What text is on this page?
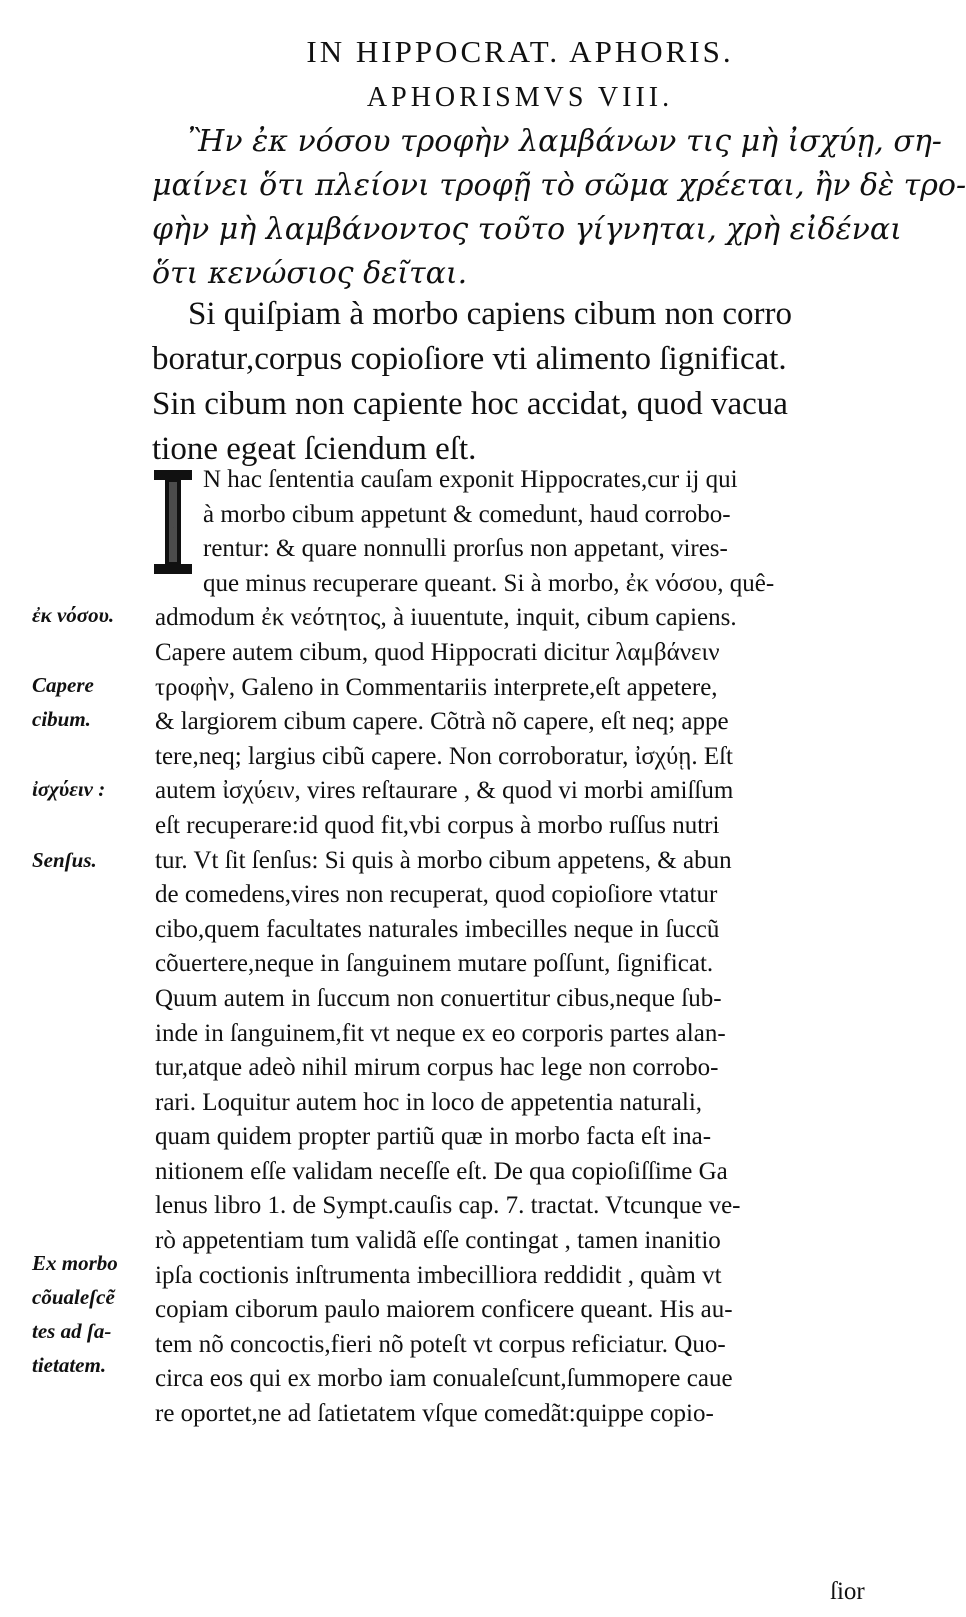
IN HIPPOCRAT. APHORIS.
APHORISMVS VIII.
Ἢν ἐκ νόσου τροφὴν λαμβάνων τις μὴ ἰσχύῃ, ση-
μαίνει ὅτι πλείονι τροφῇ τὸ σῶμα χρέεται, ἢν δὲ τρο-
φὴν μὴ λαμβάνοντος τοῦτο γίγνηται, χρὴ εἰδέναι
ὅτι κενώσιος δεῖται.
Si quiſpiam à morbo capiens cibum non corro
boratur,corpus copioſiore vti alimento ſignificat.
Sin cibum non capiente hoc accidat, quod vacua
tione egeat ſciendum eſt.
I
N hac ſententia cauſam exponit Hippocrates,cur ij qui
à morbo cibum appetunt & comedunt, haud corrobo-
rentur: & quare nonnulli prorſus non appetant, vires-
que minus recuperare queant. Si à morbo, ἐκ νόσου, quê-
admodum ἐκ νεότητος, à iuuentute, inquit, cibum capiens.
Capere autem cibum, quod Hippocrati dicitur λαμβάνειν
τροφὴν, Galeno in Commentariis interprete,eſt appetere,
& largiorem cibum capere. Cõtrà nõ capere, eſt neq; appe
tere,neq; largius cibũ capere. Non corroboratur, ἰσχύῃ. Eſt
autem ἰσχύειν, vires reſtaurare , & quod vi morbi amiſſum
eſt recuperare:id quod fit,vbi corpus à morbo ruſſus nutri
tur. Vt ſit ſenſus: Si quis à morbo cibum appetens, & abun
de comedens,vires non recuperat, quod copioſiore vtatur
cibo,quem facultates naturales imbecilles neque in ſuccũ
cõuertere,neque in ſanguinem mutare poſſunt, ſignificat.
Quum autem in ſuccum non conuertitur cibus,neque ſub-
inde in ſanguinem,fit vt neque ex eo corporis partes alan-
tur,atque adeò nihil mirum corpus hac lege non corrobo-
rari. Loquitur autem hoc in loco de appetentia naturali,
quam quidem propter partiũ quæ in morbo facta eſt ina-
nitionem eſſe validam neceſſe eſt. De qua copioſiſſime Ga
lenus libro 1. de Sympt.cauſis cap. 7. tractat. Vtcunque ve-
rò appetentiam tum validã eſſe contingat , tamen inanitio
ipſa coctionis inſtrumenta imbecilliora reddidit , quàm vt
copiam ciborum paulo maiorem conficere queant. His au-
tem nõ concoctis,fieri nõ poteſt vt corpus reficiatur. Quo-
circa eos qui ex morbo iam conualeſcunt,ſummopere caue
re oportet,ne ad ſatietatem vſque comedãt:quippe copio-
ἐκ νόσου.
Capere
cibum.
ἰσχύειν :
Senſus.
Ex morbo
cõualeſcẽ
tes ad ſa-
tietatem.
ſior
